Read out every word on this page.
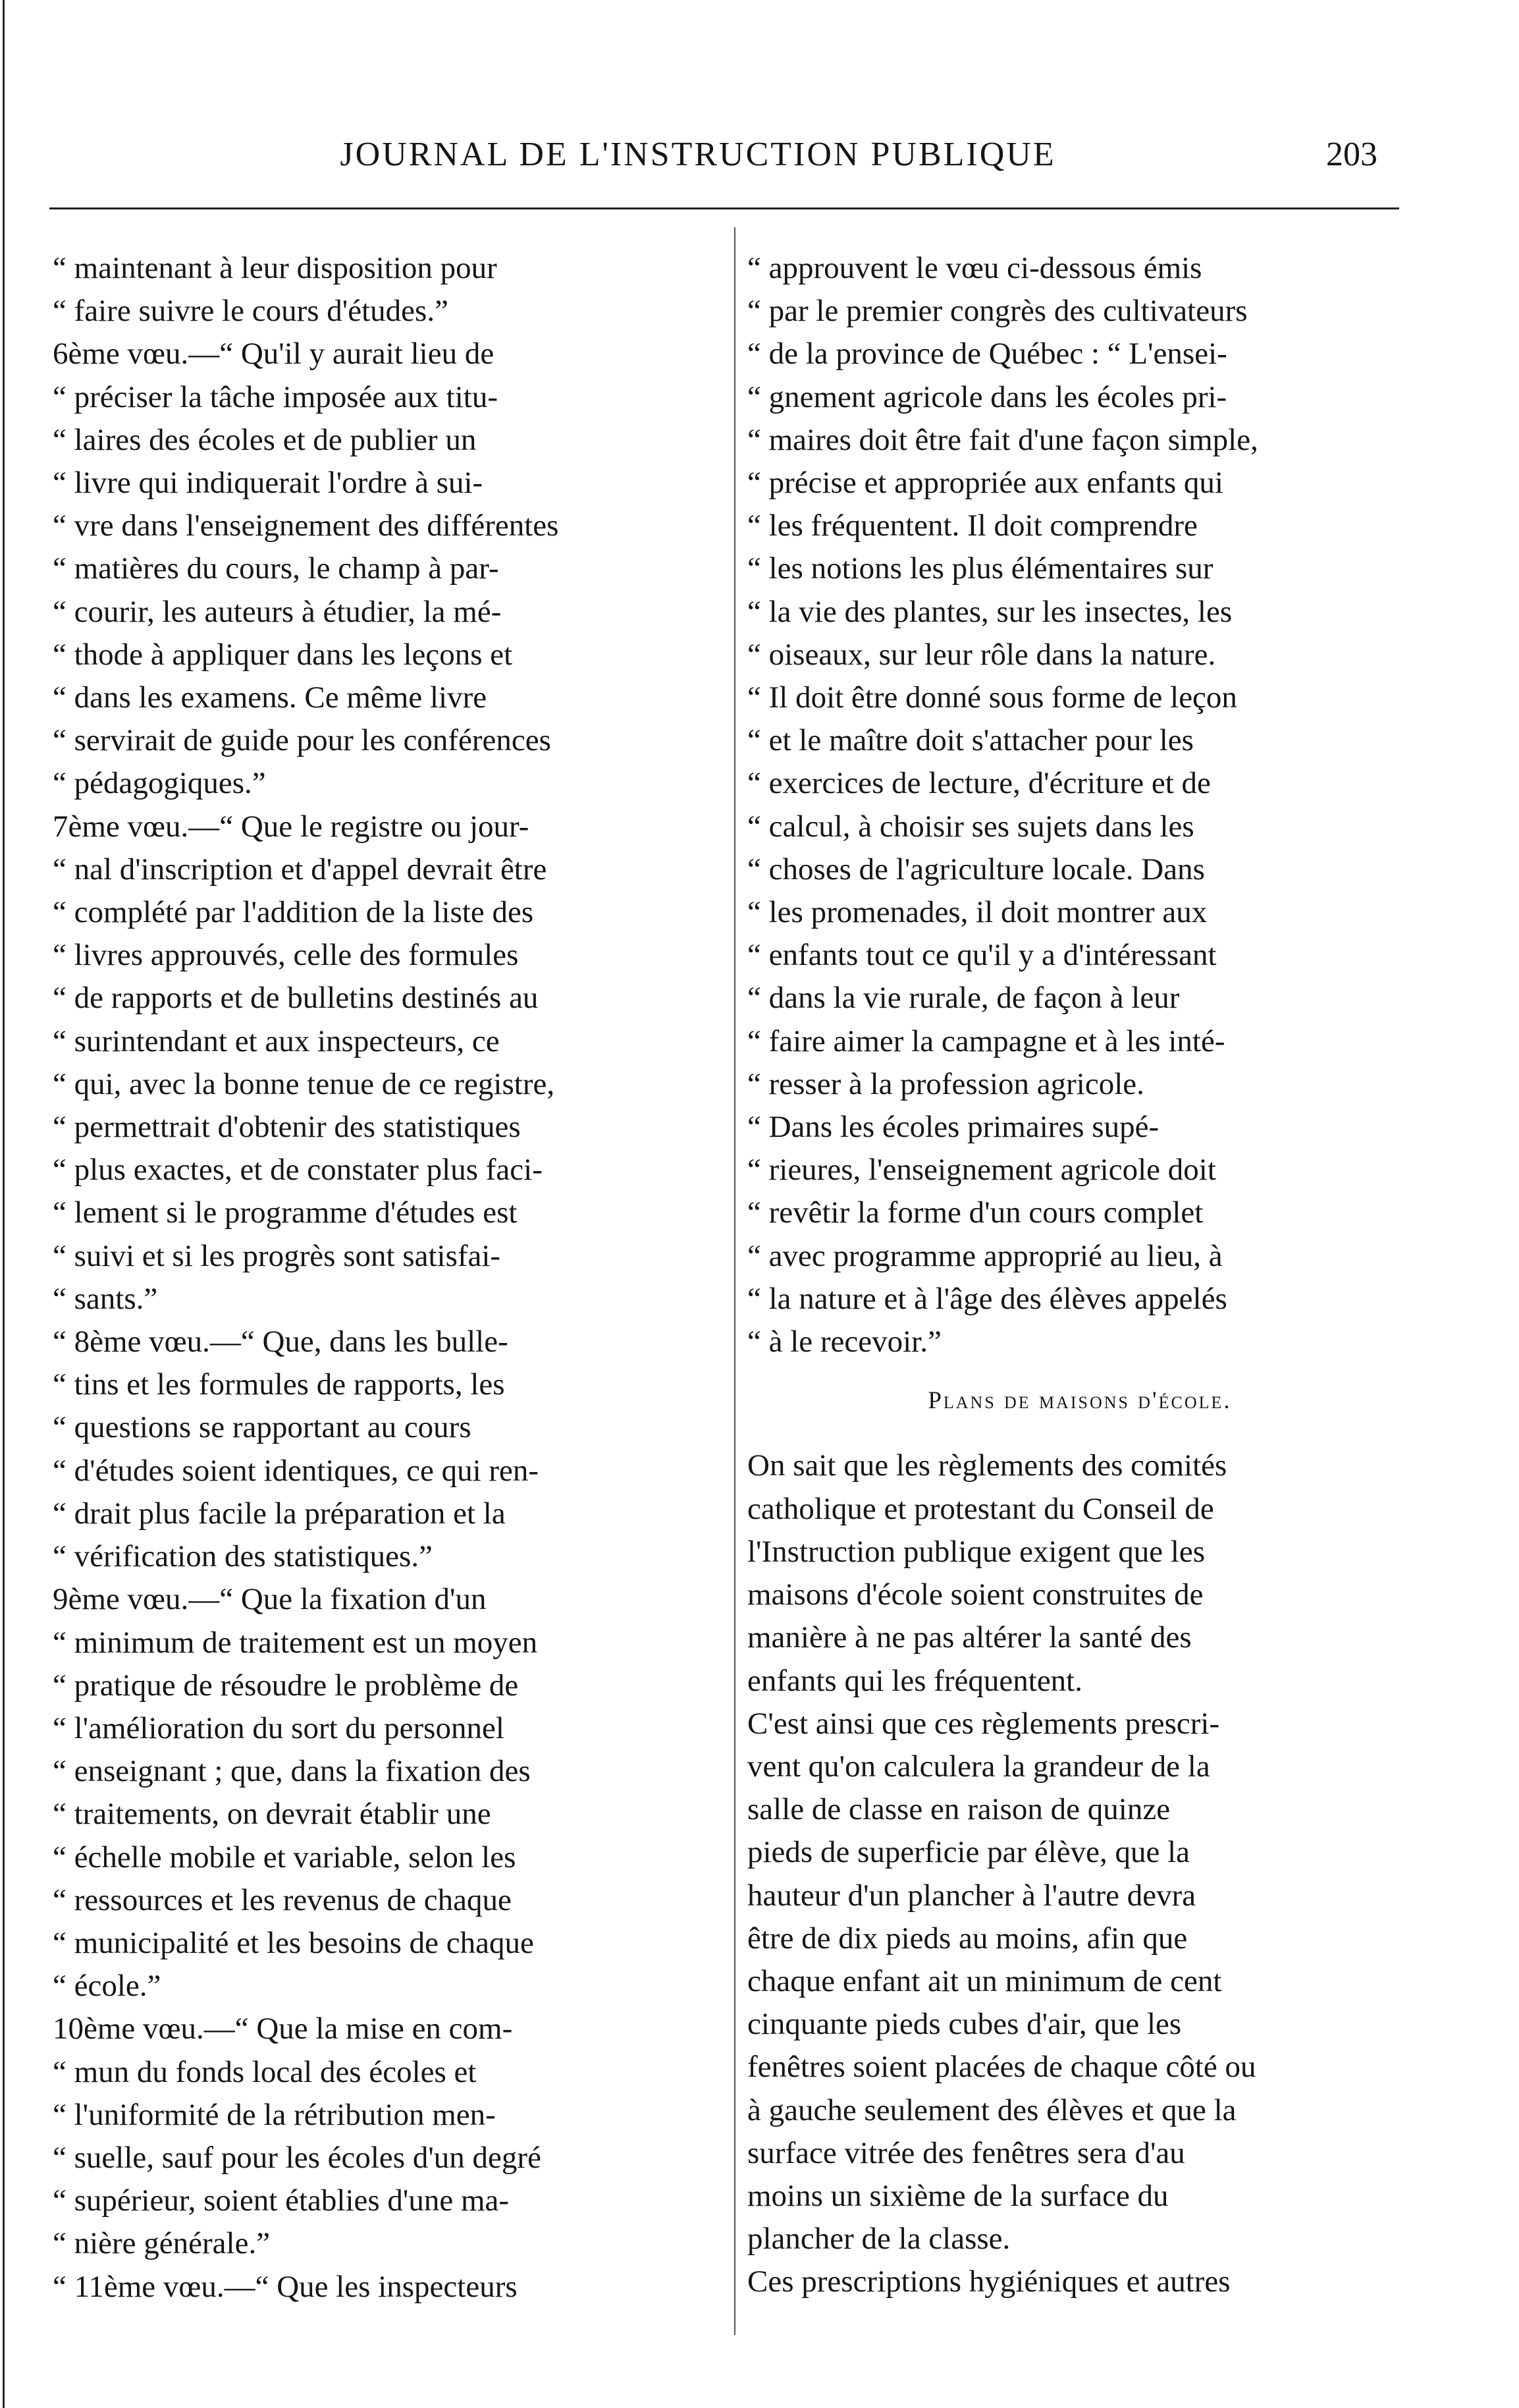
JOURNAL DE L'INSTRUCTION PUBLIQUE	203

“ maintenant à leur disposition pour

“ faire suivre le cours d'études.”

6ème vœu.—“ Qu'il y aurait lieu de

“ préciser la tâche imposée aux titu-

“ laires des écoles et de publier un

“ livre qui indiquerait l'ordre à sui-

“ vre dans l'enseignement des différentes

“ matières du cours, le champ à par-

“ courir, les auteurs à étudier, la mé-

“ thode à appliquer dans les leçons et

“ dans les examens. Ce même livre

“ servirait de guide pour les conférences

“ pédagogiques.”

7ème vœu.—“ Que le registre ou jour-

“ nal d'inscription et d'appel devrait être

“ complété par l'addition de la liste des

“ livres approuvés, celle des formules

“ de rapports et de bulletins destinés au

“ surintendant et aux inspecteurs, ce

“ qui, avec la bonne tenue de ce registre,

“ permettrait d'obtenir des statistiques

“ plus exactes, et de constater plus faci-

“ lement si le programme d'études est

“ suivi et si les progrès sont satisfai-

“ sants.”

“ 8ème vœu.—“ Que, dans les bulle-

“ tins et les formules de rapports, les

“ questions se rapportant au cours

“ d'études soient identiques, ce qui ren-

“ drait plus facile la préparation et la

“ vérification des statistiques.”

9ème vœu.—“ Que la fixation d'un

“ minimum de traitement est un moyen

“ pratique de résoudre le problème de

“ l'amélioration du sort du personnel

“ enseignant ; que, dans la fixation des

“ traitements, on devrait établir une

“ échelle mobile et variable, selon les

“ ressources et les revenus de chaque

“ municipalité et les besoins de chaque

“ école.”

10ème vœu.—“ Que la mise en com-

“ mun du fonds local des écoles et

“ l'uniformité de la rétribution men-

“ suelle, sauf pour les écoles d'un degré

“ supérieur, soient établies d'une ma-

“ nière générale.”

“ 11ème vœu.—“ Que les inspecteurs

“ approuvent le vœu ci-dessous émis

“ par le premier congrès des cultivateurs

“ de la province de Québec : “ L'ensei-

“ gnement agricole dans les écoles pri-

“ maires doit être fait d'une façon simple,

“ précise et appropriée aux enfants qui

“ les fréquentent. Il doit comprendre

“ les notions les plus élémentaires sur

“ la vie des plantes, sur les insectes, les

“ oiseaux, sur leur rôle dans la nature.

“ Il doit être donné sous forme de leçon

“ et le maître doit s'attacher pour les

“ exercices de lecture, d'écriture et de

“ calcul, à choisir ses sujets dans les

“ choses de l'agriculture locale. Dans

“ les promenades, il doit montrer aux

“ enfants tout ce qu'il y a d'intéressant

“ dans la vie rurale, de façon à leur

“ faire aimer la campagne et à les inté-

“ resser à la profession agricole.

“ Dans les écoles primaires supé-

“ rieures, l'enseignement agricole doit

“ revêtir la forme d'un cours complet

“ avec programme approprié au lieu, à

“ la nature et à l'âge des élèves appelés

“ à le recevoir.”

Plans de maisons d'école.

On sait que les règlements des comités

catholique et protestant du Conseil de

l'Instruction publique exigent que les

maisons d'école soient construites de

manière à ne pas altérer la santé des

enfants qui les fréquentent.

C'est ainsi que ces règlements prescri-

vent qu'on calculera la grandeur de la

salle de classe en raison de quinze

pieds de superficie par élève, que la

hauteur d'un plancher à l'autre devra

être de dix pieds au moins, afin que

chaque enfant ait un minimum de cent

cinquante pieds cubes d'air, que les

fenêtres soient placées de chaque côté ou

à gauche seulement des élèves et que la

surface vitrée des fenêtres sera d'au

moins un sixième de la surface du

plancher de la classe.

Ces prescriptions hygiéniques et autres
